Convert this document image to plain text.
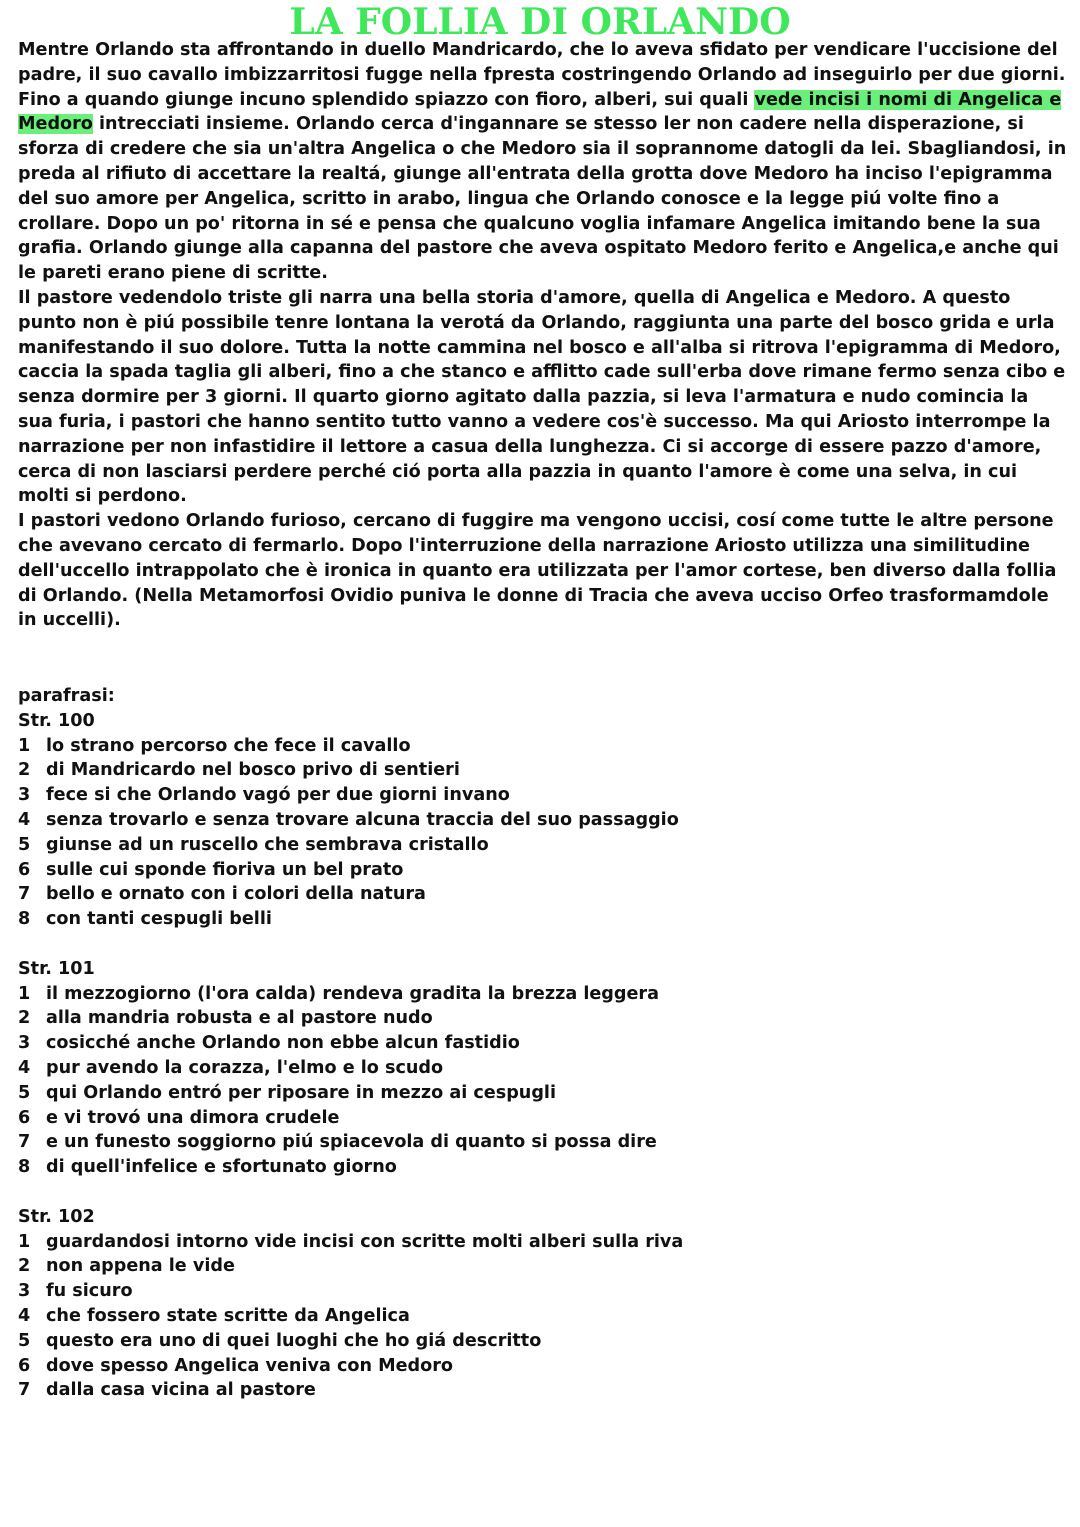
LA FOLLIA DI ORLANDO

Mentre Orlando sta affrontando in duello Mandricardo, che lo aveva sfidato per vendicare l'uccisione del padre, il suo cavallo imbizzarritosi fugge nella fpresta costringendo Orlando ad inseguirlo per due giorni. Fino a quando giunge incuno splendido spiazzo con fioro, alberi, sui quali vede incisi i nomi di Angelica e Medoro intrecciati insieme. Orlando cerca d'ingannare se stesso ler non cadere nella disperazione, si sforza di credere che sia un'altra Angelica o che Medoro sia il soprannome datogli da lei. Sbagliandosi, in preda al rifiuto di accettare la realtá, giunge all'entrata della grotta dove Medoro ha inciso l'epigramma del suo amore per Angelica, scritto in arabo, lingua che Orlando conosce e la legge piú volte fino a crollare. Dopo un po' ritorna in sé e pensa che qualcuno voglia infamare Angelica imitando bene la sua grafia. Orlando giunge alla capanna del pastore che aveva ospitato Medoro ferito e Angelica,e anche qui le pareti erano piene di scritte.

Il pastore vedendolo triste gli narra una bella storia d'amore, quella di Angelica e Medoro. A questo punto non è piú possibile tenre lontana la verotá da Orlando, raggiunta una parte del bosco grida e urla manifestando il suo dolore. Tutta la notte cammina nel bosco e all'alba si ritrova l'epigramma di Medoro, caccia la spada taglia gli alberi, fino a che stanco e afflitto cade sull'erba dove rimane fermo senza cibo e senza dormire per 3 giorni. Il quarto giorno agitato dalla pazzia, si leva l'armatura e nudo comincia la sua furia, i pastori che hanno sentito tutto vanno a vedere cos'è successo. Ma qui Ariosto interrompe la narrazione per non infastidire il lettore a casua della lunghezza. Ci si accorge di essere pazzo d'amore, cerca di non lasciarsi perdere perché ció porta alla pazzia in quanto l'amore è come una selva, in cui molti si perdono.

I pastori vedono Orlando furioso, cercano di fuggire ma vengono uccisi, cosí come tutte le altre persone che avevano cercato di fermarlo. Dopo l'interruzione della narrazione Ariosto utilizza una similitudine dell'uccello intrappolato che è ironica in quanto era utilizzata per l'amor cortese, ben diverso dalla follia di Orlando. (Nella Metamorfosi Ovidio puniva le donne di Tracia che aveva ucciso Orfeo trasformamdole in uccelli).

parafrasi:

Str. 100

1 lo strano percorso che fece il cavallo
2 di Mandricardo nel bosco privo di sentieri
3 fece si che Orlando vagó per due giorni invano
4 senza trovarlo e senza trovare alcuna traccia del suo passaggio
5 giunse ad un ruscello che sembrava cristallo
6 sulle cui sponde fioriva un bel prato
7 bello e ornato con i colori della natura
8 con tanti cespugli belli

Str. 101

1 il mezzogiorno (l'ora calda) rendeva gradita la brezza leggera
2 alla mandria robusta e al pastore nudo
3 cosicché anche Orlando non ebbe alcun fastidio
4 pur avendo la corazza, l'elmo e lo scudo
5 qui Orlando entró per riposare in mezzo ai cespugli
6 e vi trovó una dimora crudele
7 e un funesto soggiorno piú spiacevola di quanto si possa dire
8 di quell'infelice e sfortunato giorno

Str. 102

1 guardandosi intorno vide incisi con scritte molti alberi sulla riva
2 non appena le vide
3 fu sicuro
4 che fossero state scritte da Angelica
5 questo era uno di quei luoghi che ho giá descritto
6 dove spesso Angelica veniva con Medoro
7 dalla casa vicina al pastore
